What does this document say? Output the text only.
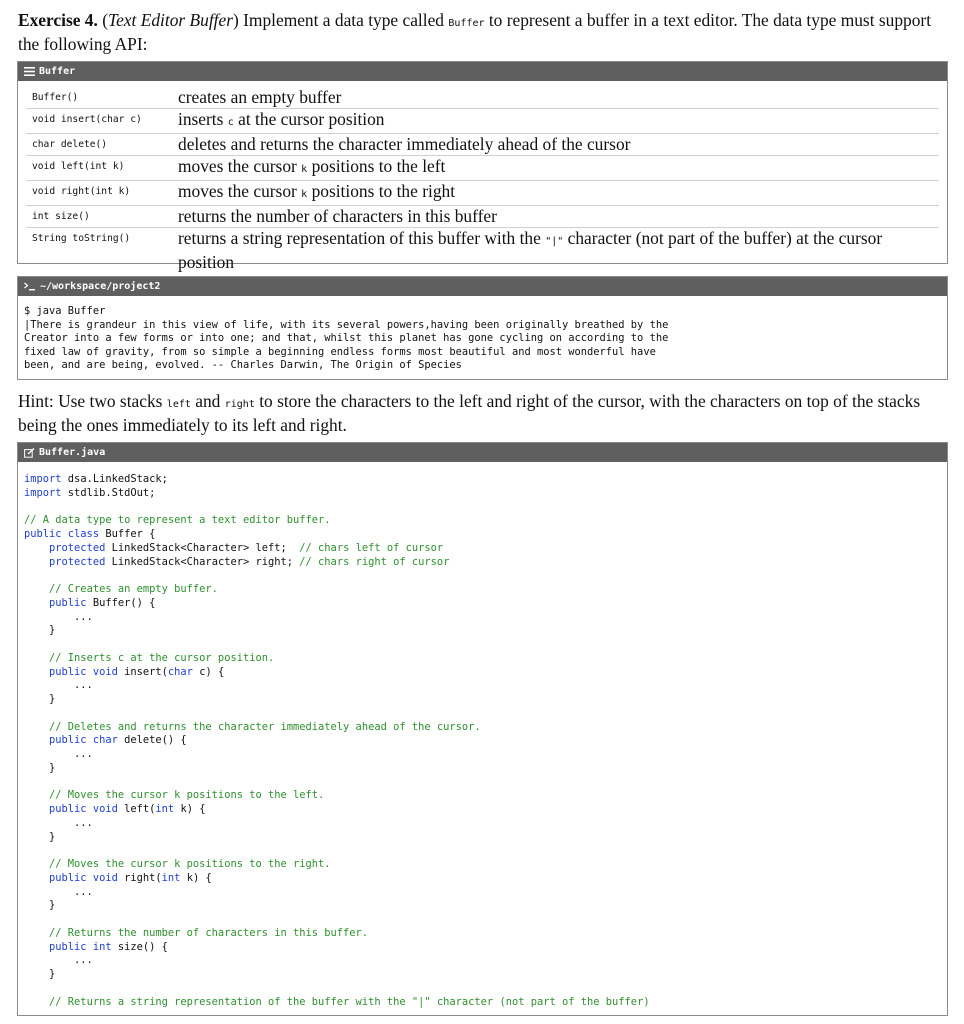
Exercise 4. (Text Editor Buffer) Implement a data type called Buffer to represent a buffer in a text editor. The data type must support the following API:
Buffer
Buffer()	creates an empty buffer
void insert(char c)	inserts c at the cursor position
char delete()	deletes and returns the character immediately ahead of the cursor
void left(int k)	moves the cursor k positions to the left
void right(int k)	moves the cursor k positions to the right
int size()	returns the number of characters in this buffer
String toString()	returns a string representation of this buffer with the "|" character (not part of the buffer) at the cursor position
~/workspace/project2
$ java Buffer
|There is grandeur in this view of life, with its several powers,having been originally breathed by the
Creator into a few forms or into one; and that, whilst this planet has gone cycling on according to the
fixed law of gravity, from so simple a beginning endless forms most beautiful and most wonderful have
been, and are being, evolved. -- Charles Darwin, The Origin of Species
Hint: Use two stacks left and right to store the characters to the left and right of the cursor, with the characters on top of the stacks being the ones immediately to its left and right.
Buffer.java
import dsa.LinkedStack;
import stdlib.StdOut;
// A data type to represent a text editor buffer.
public class Buffer {
protected LinkedStack<Character> left;  // chars left of cursor
protected LinkedStack<Character> right; // chars right of cursor
// Creates an empty buffer.
public Buffer() {
...
}
// Inserts c at the cursor position.
public void insert(char c) {
...
}
// Deletes and returns the character immediately ahead of the cursor.
public char delete() {
...
}
// Moves the cursor k positions to the left.
public void left(int k) {
...
}
// Moves the cursor k positions to the right.
public void right(int k) {
...
}
// Returns the number of characters in this buffer.
public int size() {
...
}
// Returns a string representation of the buffer with the "|" character (not part of the buffer)
